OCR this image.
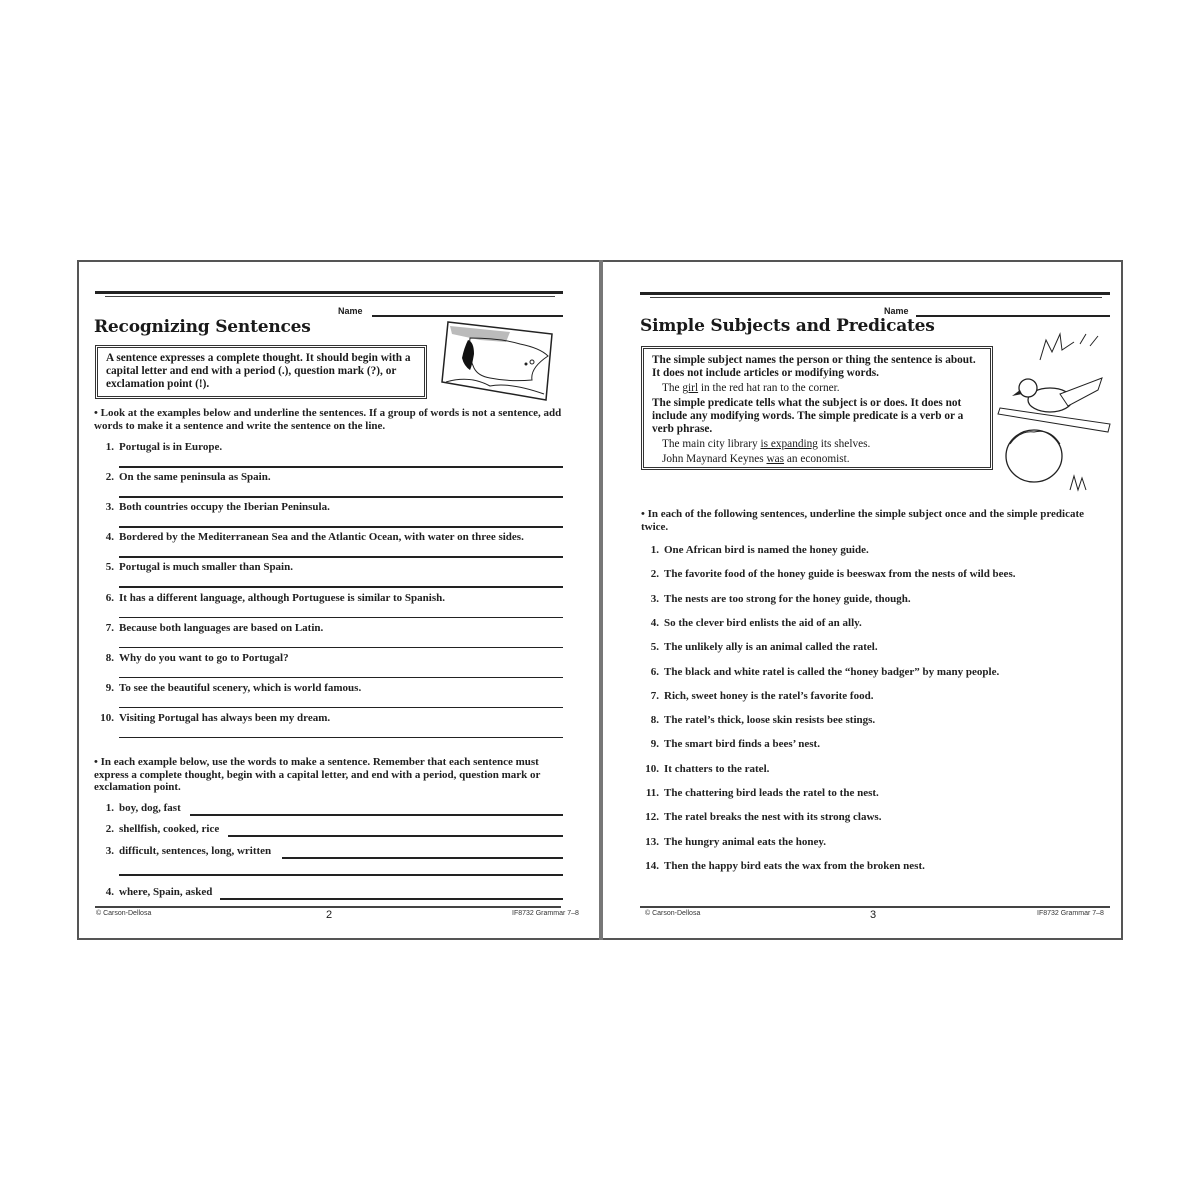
Name
Recognizing Sentences
A sentence expresses a complete thought. It should begin with a capital letter and end with a period (.), question mark (?), or exclamation point (!).
• Look at the examples below and underline the sentences. If a group of words is not a sentence, add words to make it a sentence and write the sentence on the line.
1. Portugal is in Europe.
2. On the same peninsula as Spain.
3. Both countries occupy the Iberian Peninsula.
4. Bordered by the Mediterranean Sea and the Atlantic Ocean, with water on three sides.
5. Portugal is much smaller than Spain.
6. It has a different language, although Portuguese is similar to Spanish.
7. Because both languages are based on Latin.
8. Why do you want to go to Portugal?
9. To see the beautiful scenery, which is world famous.
10. Visiting Portugal has always been my dream.
• In each example below, use the words to make a sentence. Remember that each sentence must express a complete thought, begin with a capital letter, and end with a period, question mark or exclamation point.
1. boy, dog, fast
2. shellfish, cooked, rice
3. difficult, sentences, long, written
4. where, Spain, asked
© Carson-Dellosa	2	IF8732 Grammar 7–8
Name
Simple Subjects and Predicates
The simple subject names the person or thing the sentence is about. It does not include articles or modifying words.
The girl in the red hat ran to the corner.
The simple predicate tells what the subject is or does. It does not include any modifying words. The simple predicate is a verb or a verb phrase.
The main city library is expanding its shelves.
John Maynard Keynes was an economist.
• In each of the following sentences, underline the simple subject once and the simple predicate twice.
1. One African bird is named the honey guide.
2. The favorite food of the honey guide is beeswax from the nests of wild bees.
3. The nests are too strong for the honey guide, though.
4. So the clever bird enlists the aid of an ally.
5. The unlikely ally is an animal called the ratel.
6. The black and white ratel is called the “honey badger” by many people.
7. Rich, sweet honey is the ratel’s favorite food.
8. The ratel’s thick, loose skin resists bee stings.
9. The smart bird finds a bees’ nest.
10. It chatters to the ratel.
11. The chattering bird leads the ratel to the nest.
12. The ratel breaks the nest with its strong claws.
13. The hungry animal eats the honey.
14. Then the happy bird eats the wax from the broken nest.
© Carson-Dellosa	3	IF8732 Grammar 7–8
